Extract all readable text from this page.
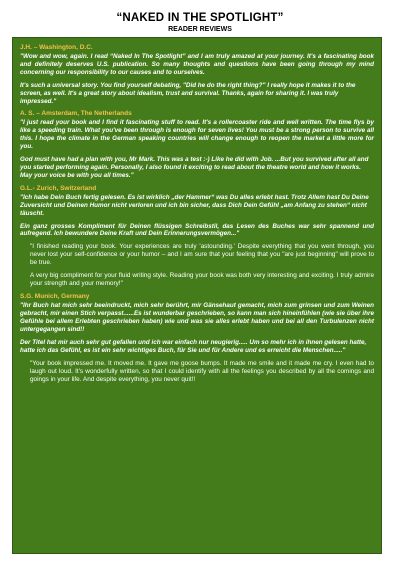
“NAKED IN THE SPOTLIGHT”
READER REVIEWS
J.H. – Washington, D.C.

"Wow and wow, again. I read “Naked In The Spotlight” and I am truly amazed at your journey. It's a fascinating book and definitely deserves U.S. publication. So many thoughts and questions have been going through my mind concerning our responsibility to our causes and to ourselves.

It's such a universal story. You find yourself debating, "Did he do the right thing?" I really hope it makes it to the screen, as well. It's a great story about idealism, trust and survival. Thanks, again for sharing it. I was truly impressed."

A. S. – Amsterdam, The Netherlands

"I just read your book and I find it fascinating stuff to read. It's a rollercoaster ride and well written. The time flys by like a speeding train. What you've been through is enough for seven lives! You must be a strong person to survive all this. I hope the climate in the German speaking countries will change enough to reopen the market a little more for you.

God must have had a plan with you, Mr Mark. This was a test :-) Like he did with Job. ...But you survived after all and you started performing again. Personally, I also found it exciting to read about the theatre world and how it works. May your voice be with you all times."

G.L.- Zurich, Switzerland

"Ich habe Dein Buch fertig gelesen. Es ist wirklich „der Hammer“ was Du alles erlebt hast. Trotz Allem hast Du Deine Zuversicht und Deinen Humor nicht verloren und ich bin sicher, dass Dich Dein Gefühl „am Anfang zu stehen“ nicht täuscht.

Ein ganz grosses Kompliment für Deinen flüssigen Schreibstil, das Lesen des Buches war sehr spannend und aufregend. Ich bewundere Deine Kraft und Dein Erinnerungsvermögen..."

"I finished reading your book. Your experiences are truly 'astounding.' Despite everything that you went through, you never lost your self-confidence or your humor – and I am sure that your feeling that you "are just beginning" will prove to be true.

A very big compliment for your fluid writing style. Reading your book was both very interesting and exciting. I truly admire your strength and your memory!"

S.G. Munich, Germany

"Ihr Buch hat mich sehr beeindruckt, mich sehr berührt, mir Gänsehaut gemacht, mich zum grinsen und zum Weinen gebracht, mir einen Stich verpasst......Es ist wunderbar geschrieben, so kann man sich hineinfühlen (wie sie über ihre Gefühle bei allem Erlebten geschrieben haben) wie und was sie alles erlebt haben und bei all den Turbulenzen nicht untergegangen sind!!

Der Titel hat mir auch sehr gut gefallen und ich war einfach nur neugierig..... Um so mehr ich in ihnen gelesen hatte, hatte ich das Gefühl, es ist ein sehr wichtiges Buch, für Sie und für Andere und es erreicht die Menschen....."

"Your book impressed me. It moved me. It gave me goose bumps. It made me smile and it made me cry. I even had to laugh out loud. It's wonderfully written, so that I could identify with all the feelings you described by all the comings and goings in your life. And despite everything, you never quit!!
